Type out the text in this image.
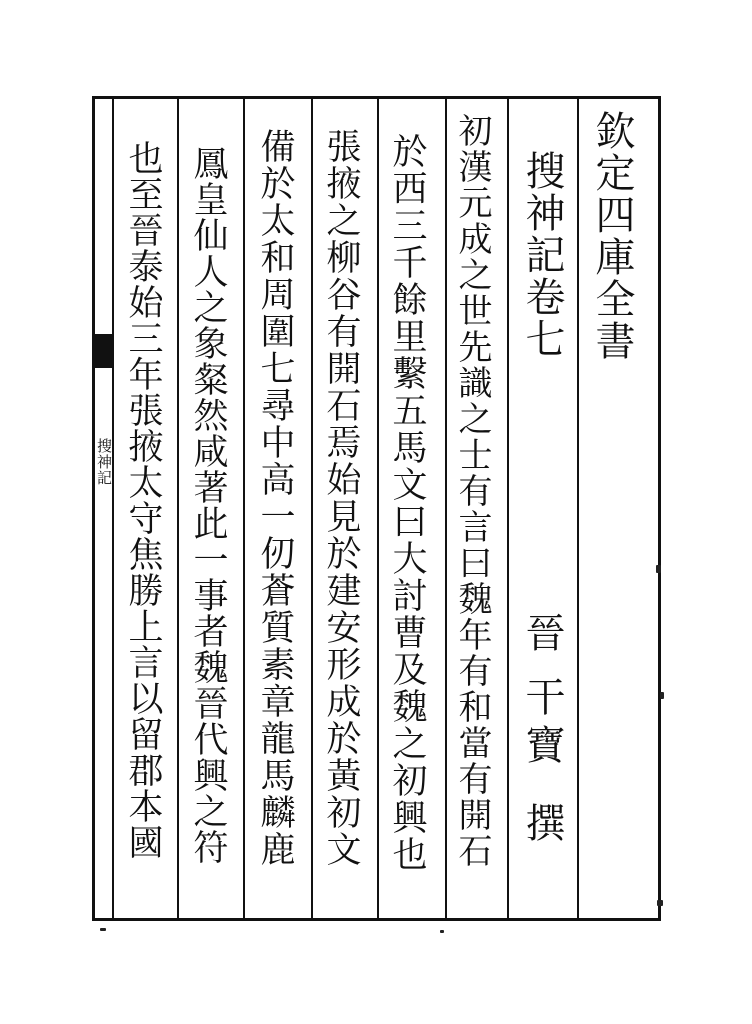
欽定四庫全書
搜神記卷七
晉
干寶
撰
初漢元成之世先識之士有言曰魏年有和當有開石
於西三千餘里繫五馬文曰大討曹及魏之初興也
張掖之柳谷有開石焉始見於建安形成於黃初文
備於太和周圍七尋中高一仞蒼質素章龍馬麟鹿
鳳皇仙人之象粲然咸著此一事者魏晉代興之符
也至晉泰始三年張掖太守焦勝上言以留郡本國
搜神記
